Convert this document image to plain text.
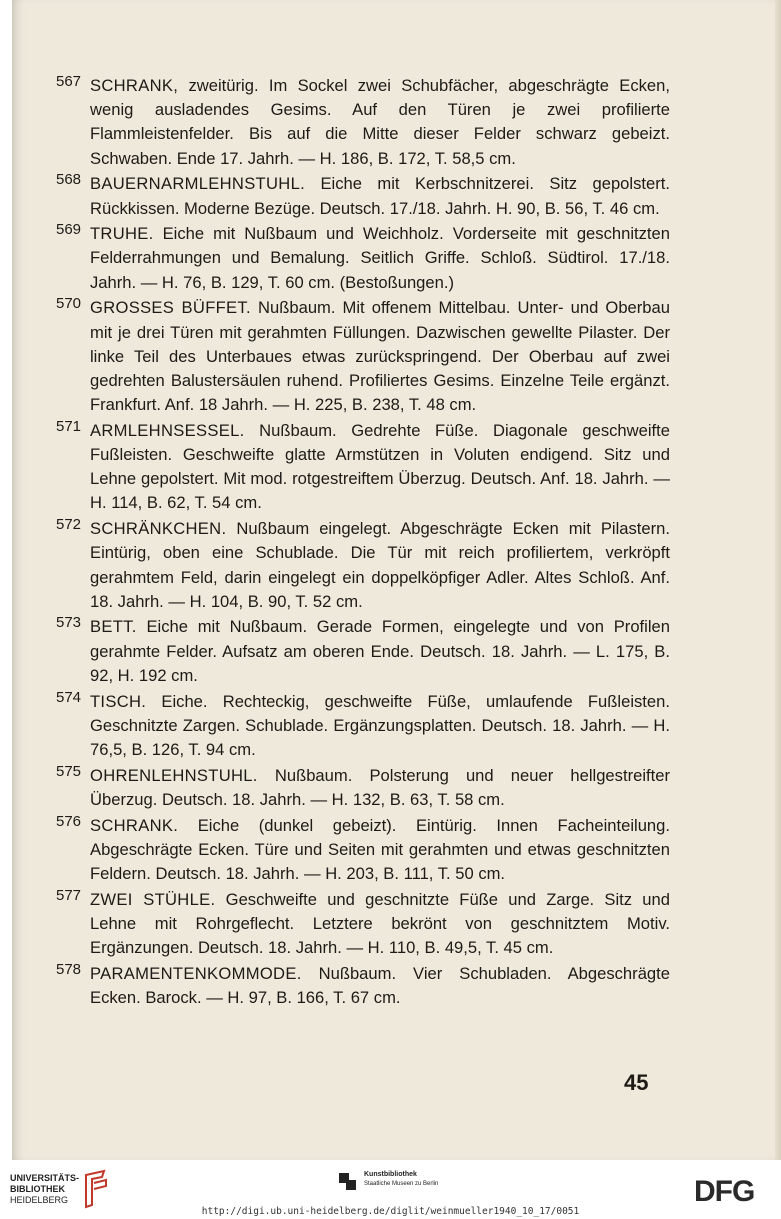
567 SCHRANK, zweitürig. Im Sockel zwei Schubfächer, abgeschrägte Ecken, wenig ausladendes Gesims. Auf den Türen je zwei profilierte Flammleistenfelder. Bis auf die Mitte dieser Felder schwarz gebeizt. Schwaben. Ende 17. Jahrh. — H. 186, B. 172, T. 58,5 cm.
568 BAUERNARMLEHNSTUHL. Eiche mit Kerbschnitzerei. Sitz gepolstert. Rückkissen. Moderne Bezüge. Deutsch. 17./18. Jahrh. H. 90, B. 56, T. 46 cm.
569 TRUHE. Eiche mit Nußbaum und Weichholz. Vorderseite mit geschnitzten Felderrahmungen und Bemalung. Seitlich Griffe. Schloß. Südtirol. 17./18. Jahrh. — H. 76, B. 129, T. 60 cm. (Bestoßungen.)
570 GROSSES BÜFFET. Nußbaum. Mit offenem Mittelbau. Unter- und Oberbau mit je drei Türen mit gerahmten Füllungen. Dazwischen gewellte Pilaster. Der linke Teil des Unterbaues etwas zurückspringend. Der Oberbau auf zwei gedrehten Balustersäulen ruhend. Profiliertes Gesims. Einzelne Teile ergänzt. Frankfurt. Anf. 18 Jahrh. — H. 225, B. 238, T. 48 cm.
571 ARMLEHNSESSEL. Nußbaum. Gedrehte Füße. Diagonale geschweifte Fußleisten. Geschweifte glatte Armstützen in Voluten endigend. Sitz und Lehne gepolstert. Mit mod. rotgestreiftem Überzug. Deutsch. Anf. 18. Jahrh. — H. 114, B. 62, T. 54 cm.
572 SCHRÄNKCHEN. Nußbaum eingelegt. Abgeschrägte Ecken mit Pilastern. Eintürig, oben eine Schublade. Die Tür mit reich profiliertem, verkröpft gerahmtem Feld, darin eingelegt ein doppelköpfiger Adler. Altes Schloß. Anf. 18. Jahrh. — H. 104, B. 90, T. 52 cm.
573 BETT. Eiche mit Nußbaum. Gerade Formen, eingelegte und von Profilen gerahmte Felder. Aufsatz am oberen Ende. Deutsch. 18. Jahrh. — L. 175, B. 92, H. 192 cm.
574 TISCH. Eiche. Rechteckig, geschweifte Füße, umlaufende Fußleisten. Geschnitzte Zargen. Schublade. Ergänzungsplatten. Deutsch. 18. Jahrh. — H. 76,5, B. 126, T. 94 cm.
575 OHRENLEHNSTUHL. Nußbaum. Polsterung und neuer hellgestreifter Überzug. Deutsch. 18. Jahrh. — H. 132, B. 63, T. 58 cm.
576 SCHRANK. Eiche (dunkel gebeizt). Eintürig. Innen Facheinteilung. Abgeschrägte Ecken. Türe und Seiten mit gerahmten und etwas geschnitzten Feldern. Deutsch. 18. Jahrh. — H. 203, B. 111, T. 50 cm.
577 ZWEI STÜHLE. Geschweifte und geschnitzte Füße und Zarge. Sitz und Lehne mit Rohrgeflecht. Letztere bekrönt von geschnitztem Motiv. Ergänzungen. Deutsch. 18. Jahrh. — H. 110, B. 49,5, T. 45 cm.
578 PARAMENTENKOMMODE. Nußbaum. Vier Schubladen. Abgeschrägte Ecken. Barock. — H. 97, B. 166, T. 67 cm.
45
UNIVERSITÄTS-
BIBLIOTHEK
HEIDELBERG
Kunstbibliothek
Staatliche Museen zu Berlin	DFG
http://digi.ub.uni-heidelberg.de/diglit/weinmueller1940_10_17/0051
